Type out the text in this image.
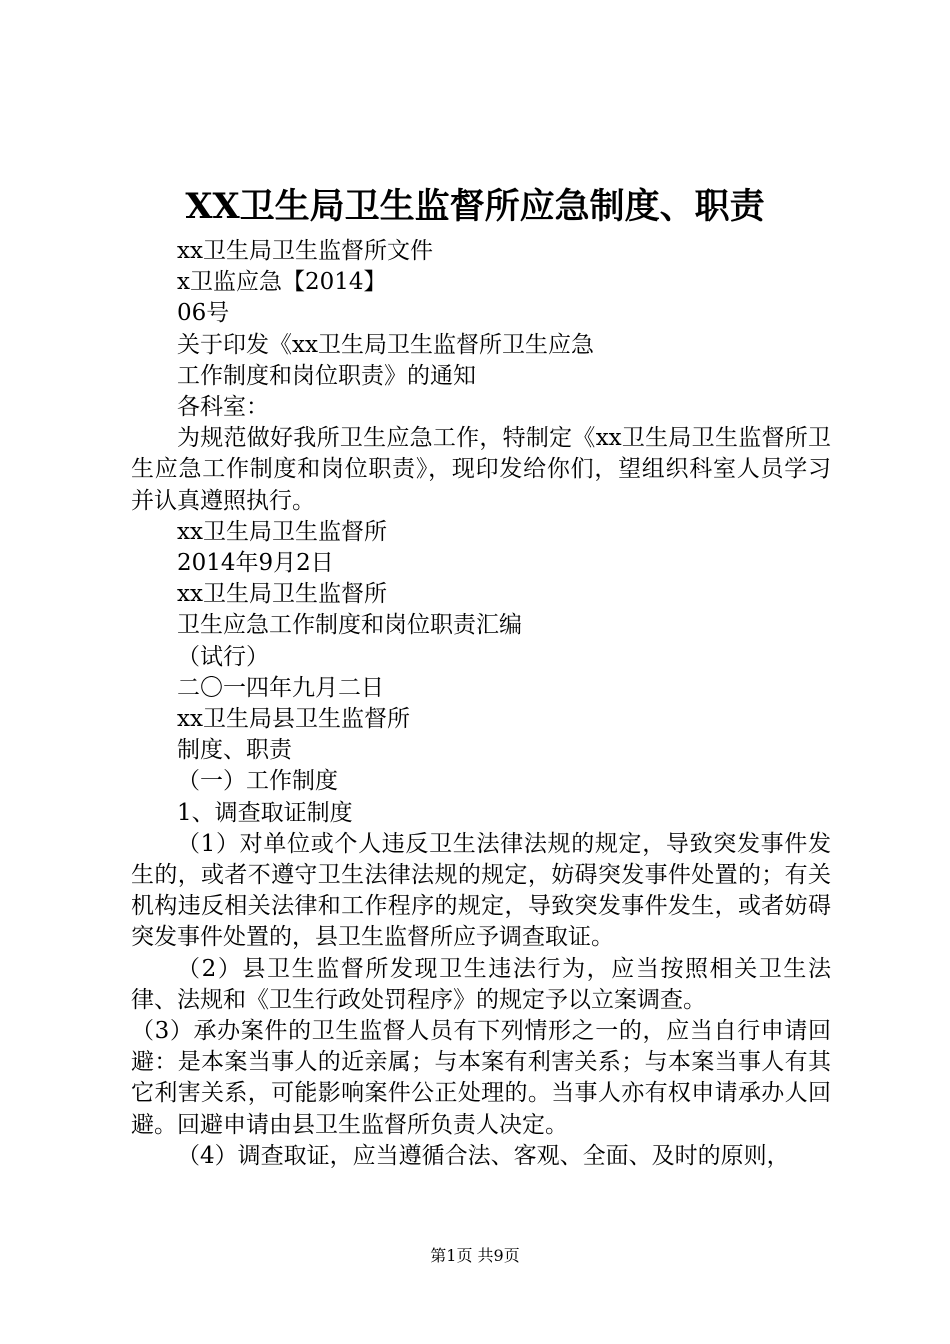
XX卫生局卫生监督所应急制度、职责

xx卫生局卫生监督所文件

x卫监应急【2014】

06号

关于印发《xx卫生局卫生监督所卫生应急

工作制度和岗位职责》的通知

各科室：

为规范做好我所卫生应急工作，特制定《xx卫生局卫生监督所卫生应急工作制度和岗位职责》，现印发给你们，望组织科室人员学习并认真遵照执行。

xx卫生局卫生监督所

2014年9月2日

xx卫生局卫生监督所

卫生应急工作制度和岗位职责汇编

（试行）

二〇一四年九月二日

xx卫生局县卫生监督所

制度、职责

（一）工作制度

1、调查取证制度

（1）对单位或个人违反卫生法律法规的规定，导致突发事件发生的，或者不遵守卫生法律法规的规定，妨碍突发事件处置的；有关机构违反相关法律和工作程序的规定，导致突发事件发生，或者妨碍突发事件处置的，县卫生监督所应予调查取证。

（2）县卫生监督所发现卫生违法行为，应当按照相关卫生法律、法规和《卫生行政处罚程序》的规定予以立案调查。

（3）承办案件的卫生监督人员有下列情形之一的，应当自行申请回避：是本案当事人的近亲属；与本案有利害关系；与本案当事人有其它利害关系，可能影响案件公正处理的。当事人亦有权申请承办人回避。回避申请由县卫生监督所负责人决定。

（4）调查取证，应当遵循合法、客观、全面、及时的原则，

第1页 共9页
